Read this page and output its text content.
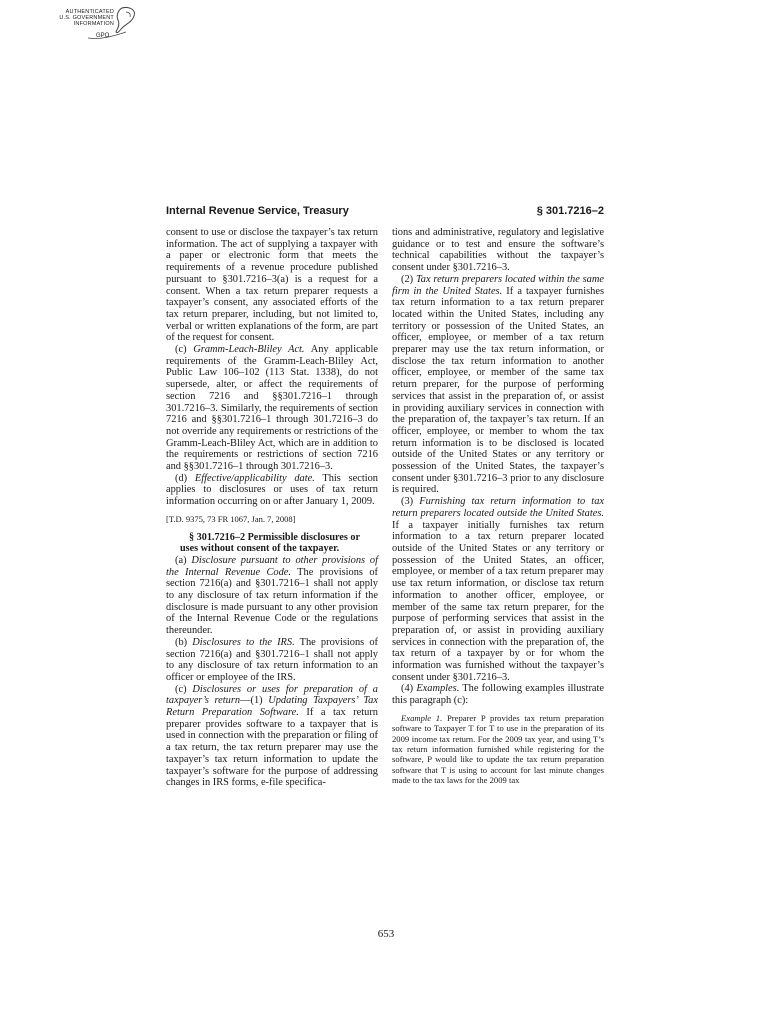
AUTHENTICATED
U.S. GOVERNMENT
INFORMATION
GPO
Internal Revenue Service, Treasury	§ 301.7216–2

consent to use or disclose the taxpayer’s tax return information. The act of supplying a taxpayer with a paper or electronic form that meets the requirements of a revenue procedure published pursuant to §301.7216–3(a) is a request for a consent. When a tax return preparer requests a taxpayer’s consent, any associated efforts of the tax return preparer, including, but not limited to, verbal or written explanations of the form, are part of the request for consent.

(c) Gramm-Leach-Bliley Act. Any applicable requirements of the Gramm-Leach-Bliley Act, Public Law 106–102 (113 Stat. 1338), do not supersede, alter, or affect the requirements of section 7216 and §§301.7216–1 through 301.7216–3. Similarly, the requirements of section 7216 and §§301.7216–1 through 301.7216–3 do not override any requirements or restrictions of the Gramm-Leach-Bliley Act, which are in addition to the requirements or restrictions of section 7216 and §§301.7216–1 through 301.7216–3.

(d) Effective/applicability date. This section applies to disclosures or uses of tax return information occurring on or after January 1, 2009.

[T.D. 9375, 73 FR 1067, Jan. 7, 2008]

§ 301.7216–2 Permissible disclosures or uses without consent of the taxpayer.

(a) Disclosure pursuant to other provisions of the Internal Revenue Code. The provisions of section 7216(a) and §301.7216–1 shall not apply to any disclosure of tax return information if the disclosure is made pursuant to any other provision of the Internal Revenue Code or the regulations thereunder.

(b) Disclosures to the IRS. The provisions of section 7216(a) and §301.7216–1 shall not apply to any disclosure of tax return information to an officer or employee of the IRS.

(c) Disclosures or uses for preparation of a taxpayer’s return—(1) Updating Taxpayers’ Tax Return Preparation Software. If a tax return preparer provides software to a taxpayer that is used in connection with the preparation or filing of a tax return, the tax return preparer may use the taxpayer’s tax return information to update the taxpayer’s software for the purpose of addressing changes in IRS forms, e-file specifica-

tions and administrative, regulatory and legislative guidance or to test and ensure the software’s technical capabilities without the taxpayer’s consent under §301.7216–3.

(2) Tax return preparers located within the same firm in the United States. If a taxpayer furnishes tax return information to a tax return preparer located within the United States, including any territory or possession of the United States, an officer, employee, or member of a tax return preparer may use the tax return information, or disclose the tax return information to another officer, employee, or member of the same tax return preparer, for the purpose of performing services that assist in the preparation of, or assist in providing auxiliary services in connection with the preparation of, the taxpayer’s tax return. If an officer, employee, or member to whom the tax return information is to be disclosed is located outside of the United States or any territory or possession of the United States, the taxpayer’s consent under §301.7216–3 prior to any disclosure is required.

(3) Furnishing tax return information to tax return preparers located outside the United States. If a taxpayer initially furnishes tax return information to a tax return preparer located outside of the United States or any territory or possession of the United States, an officer, employee, or member of a tax return preparer may use tax return information, or disclose tax return information to another officer, employee, or member of the same tax return preparer, for the purpose of performing services that assist in the preparation of, or assist in providing auxiliary services in connection with the preparation of, the tax return of a taxpayer by or for whom the information was furnished without the taxpayer’s consent under §301.7216–3.

(4) Examples. The following examples illustrate this paragraph (c):

Example 1. Preparer P provides tax return preparation software to Taxpayer T for T to use in the preparation of its 2009 income tax return. For the 2009 tax year, and using T’s tax return information furnished while registering for the software, P would like to update the tax return preparation software that T is using to account for last minute changes made to the tax laws for the 2009 tax

653
